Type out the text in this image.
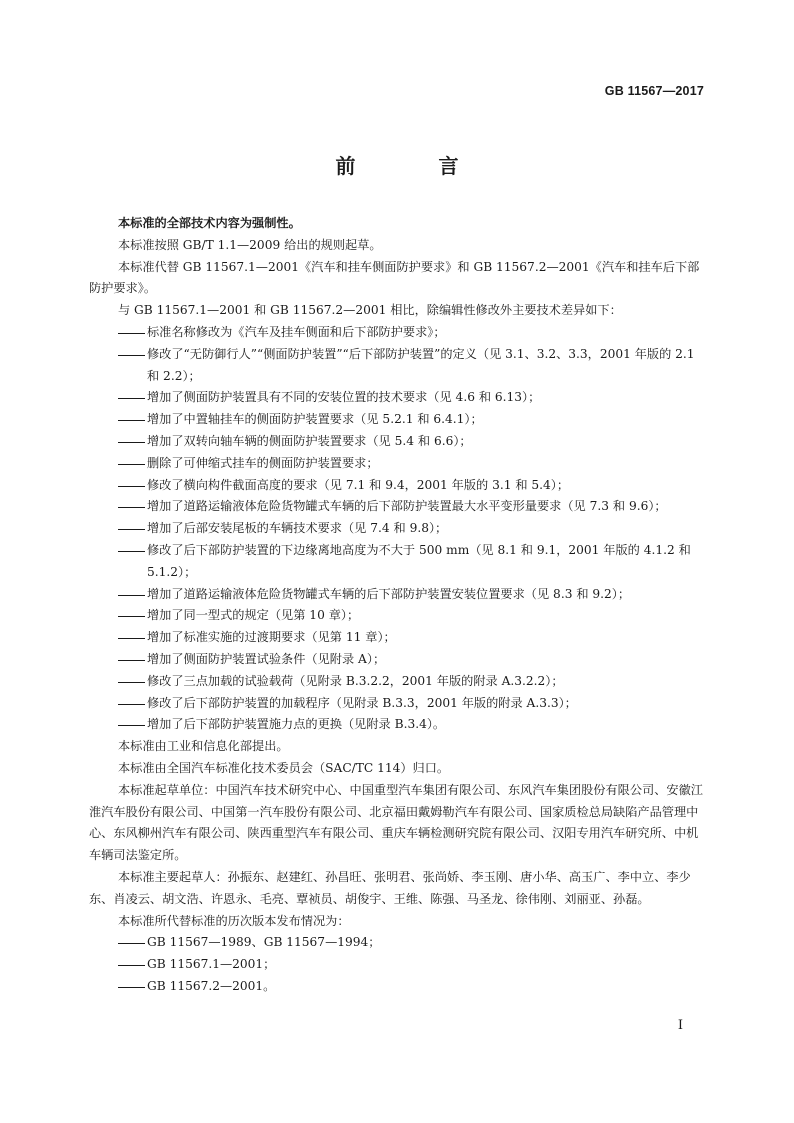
GB 11567—2017
前 言

本标准的全部技术内容为强制性。

本标准按照 GB/T 1.1—2009 给出的规则起草。

本标准代替 GB 11567.1—2001《汽车和挂车侧面防护要求》和 GB 11567.2—2001《汽车和挂车后下部防护要求》。

与 GB 11567.1—2001 和 GB 11567.2—2001 相比，除编辑性修改外主要技术差异如下：

标准名称修改为《汽车及挂车侧面和后下部防护要求》；

修改了“无防御行人”“侧面防护装置”“后下部防护装置”的定义（见 3.1、3.2、3.3，2001 年版的 2.1 和 2.2）；

增加了侧面防护装置具有不同的安装位置的技术要求（见 4.6 和 6.13）；

增加了中置轴挂车的侧面防护装置要求（见 5.2.1 和 6.4.1）；

增加了双转向轴车辆的侧面防护装置要求（见 5.4 和 6.6）；

删除了可伸缩式挂车的侧面防护装置要求；

修改了横向构件截面高度的要求（见 7.1 和 9.4，2001 年版的 3.1 和 5.4）；

增加了道路运输液体危险货物罐式车辆的后下部防护装置最大水平变形量要求（见 7.3 和 9.6）；

增加了后部安装尾板的车辆技术要求（见 7.4 和 9.8）；

修改了后下部防护装置的下边缘离地高度为不大于 500 mm（见 8.1 和 9.1，2001 年版的 4.1.2 和 5.1.2）；

增加了道路运输液体危险货物罐式车辆的后下部防护装置安装位置要求（见 8.3 和 9.2）；

增加了同一型式的规定（见第 10 章）；

增加了标准实施的过渡期要求（见第 11 章）；

增加了侧面防护装置试验条件（见附录 A）；

修改了三点加载的试验载荷（见附录 B.3.2.2，2001 年版的附录 A.3.2.2）；

修改了后下部防护装置的加载程序（见附录 B.3.3，2001 年版的附录 A.3.3）；

增加了后下部防护装置施力点的更换（见附录 B.3.4）。

本标准由工业和信息化部提出。

本标准由全国汽车标准化技术委员会（SAC/TC 114）归口。

本标准起草单位：中国汽车技术研究中心、中国重型汽车集团有限公司、东风汽车集团股份有限公司、安徽江淮汽车股份有限公司、中国第一汽车股份有限公司、北京福田戴姆勒汽车有限公司、国家质检总局缺陷产品管理中心、东风柳州汽车有限公司、陕西重型汽车有限公司、重庆车辆检测研究院有限公司、汉阳专用汽车研究所、中机车辆司法鉴定所。

本标准主要起草人：孙振东、赵建红、孙昌旺、张明君、张尚娇、李玉刚、唐小华、高玉广、李中立、李少东、肖凌云、胡文浩、许恩永、毛亮、覃祯员、胡俊宇、王维、陈强、马圣龙、徐伟刚、刘丽亚、孙磊。

本标准所代替标准的历次版本发布情况为：

GB 11567—1989、GB 11567—1994；

GB 11567.1—2001；

GB 11567.2—2001。

I
